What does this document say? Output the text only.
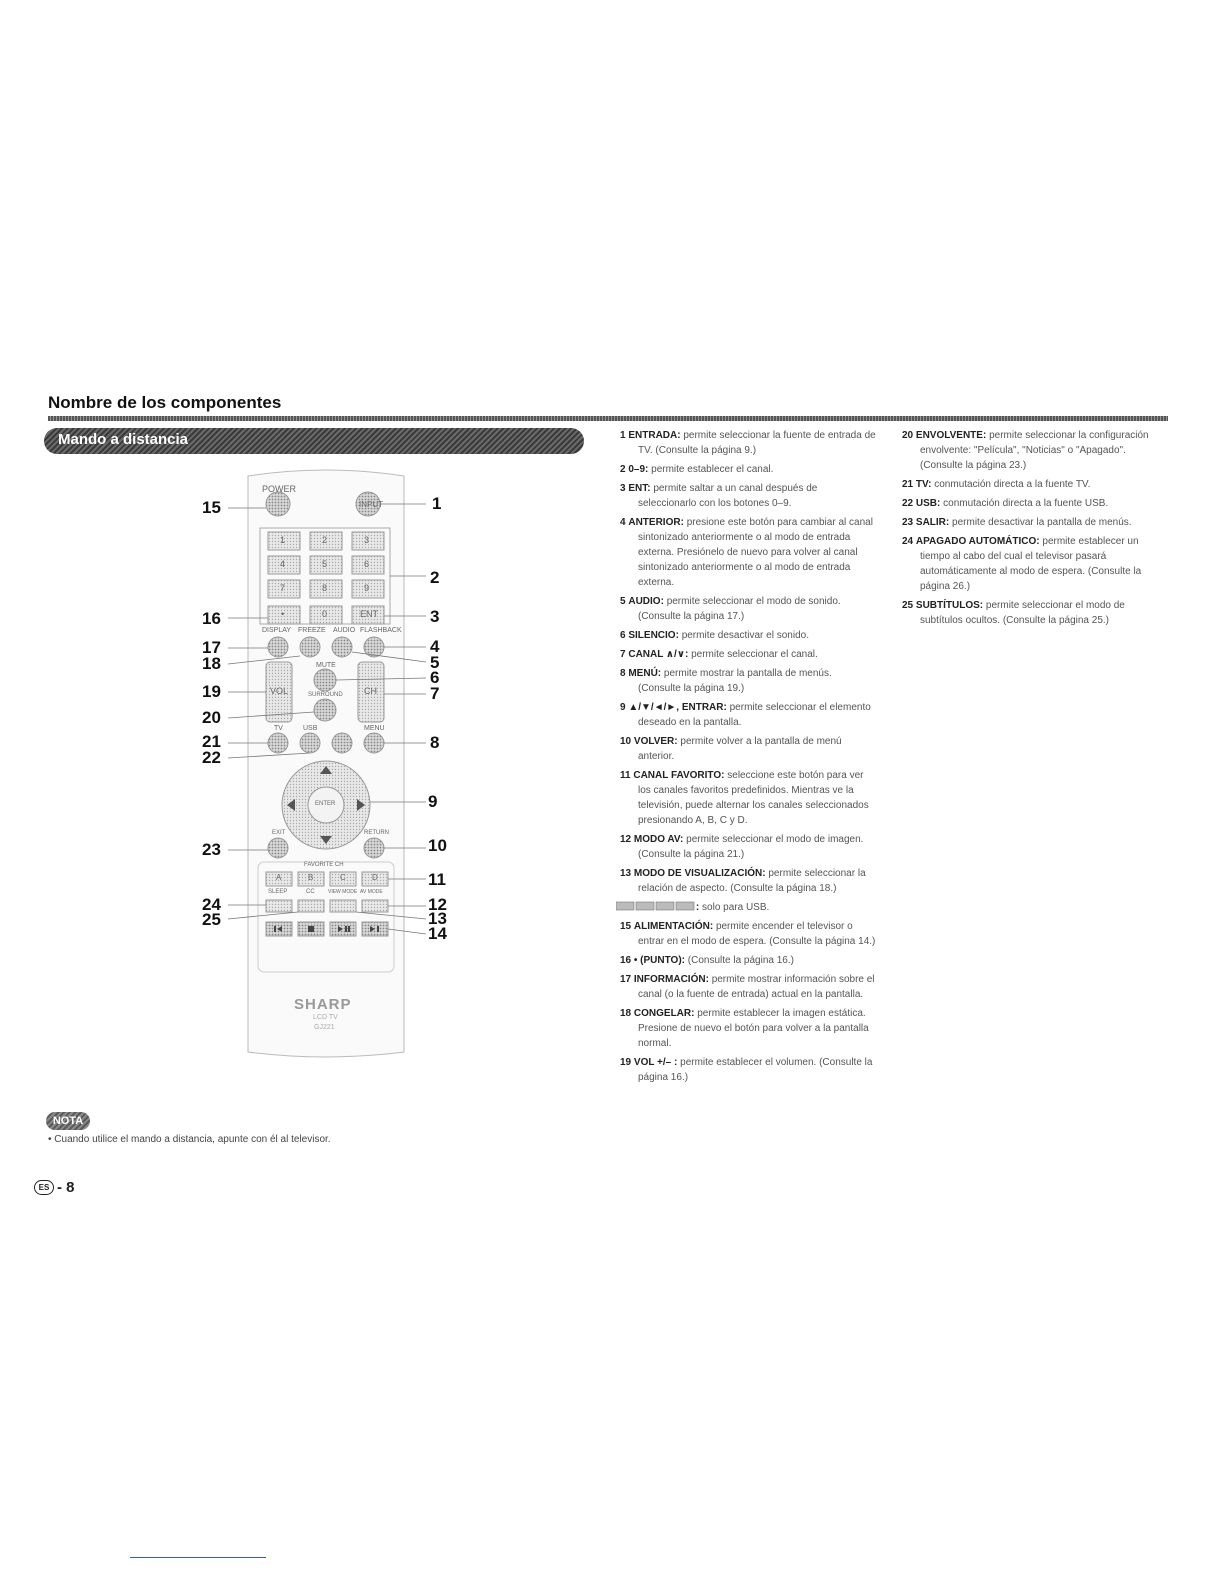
Nombre de los componentes
Mando a distancia
POWER
INPUT
1	2	3
4	5	6
7	8	9
•	0	ENT
DISPLAY FREEZE AUDIO FLASHBACK
MUTE
VOL	CH
SURROUND
TV	USB	MENU
ENTER
EXIT	RETURN
FAVORITE CH
A	B	C	D
SLEEP	CC	VIEW MODE AV MODE
SHARP
LCD TV
GJ221
15
16
17
18
19
20
21
22
23
24
25
1
2
3
4
5
6
7
8
9
10
11
12
13
14
NOTA
• Cuando utilice el mando a distancia, apunte con él al televisor.
ES - 8
1 ENTRADA: permite seleccionar la fuente de entrada de TV. (Consulte la página 9.)
2 0–9: permite establecer el canal.
3 ENT: permite saltar a un canal después de seleccionarlo con los botones 0–9.
4 ANTERIOR: presione este botón para cambiar al canal sintonizado anteriormente o al modo de entrada externa. Presiónelo de nuevo para volver al canal sintonizado anteriormente o al modo de entrada externa.
5 AUDIO: permite seleccionar el modo de sonido. (Consulte la página 17.)
6 SILENCIO: permite desactivar el sonido.
7 CANAL ∧/∨: permite seleccionar el canal.
8 MENÚ: permite mostrar la pantalla de menús. (Consulte la página 19.)
9 ▲/▼/◄/►, ENTRAR: permite seleccionar el elemento deseado en la pantalla.
10 VOLVER: permite volver a la pantalla de menú anterior.
11 CANAL FAVORITO: seleccione este botón para ver los canales favoritos predefinidos. Mientras ve la televisión, puede alternar los canales seleccionados presionando A, B, C y D.
12 MODO AV: permite seleccionar el modo de imagen. (Consulte la página 21.)
13 MODO DE VISUALIZACIÓN: permite seleccionar la relación de aspecto. (Consulte la página 18.)
: solo para USB.
15 ALIMENTACIÓN: permite encender el televisor o entrar en el modo de espera. (Consulte la página 14.)
16 • (PUNTO): (Consulte la página 16.)
17 INFORMACIÓN: permite mostrar información sobre el canal (o la fuente de entrada) actual en la pantalla.
18 CONGELAR: permite establecer la imagen estática. Presione de nuevo el botón para volver a la pantalla normal.
19 VOL +/– : permite establecer el volumen. (Consulte la página 16.)
20 ENVOLVENTE: permite seleccionar la configuración envolvente: "Película", "Noticias" o "Apagado". (Consulte la página 23.)
21 TV: conmutación directa a la fuente TV.
22 USB: conmutación directa a la fuente USB.
23 SALIR: permite desactivar la pantalla de menús.
24 APAGADO AUTOMÁTICO: permite establecer un tiempo al cabo del cual el televisor pasará automáticamente al modo de espera. (Consulte la página 26.)
25 SUBTÍTULOS: permite seleccionar el modo de subtítulos ocultos. (Consulte la página 25.)
